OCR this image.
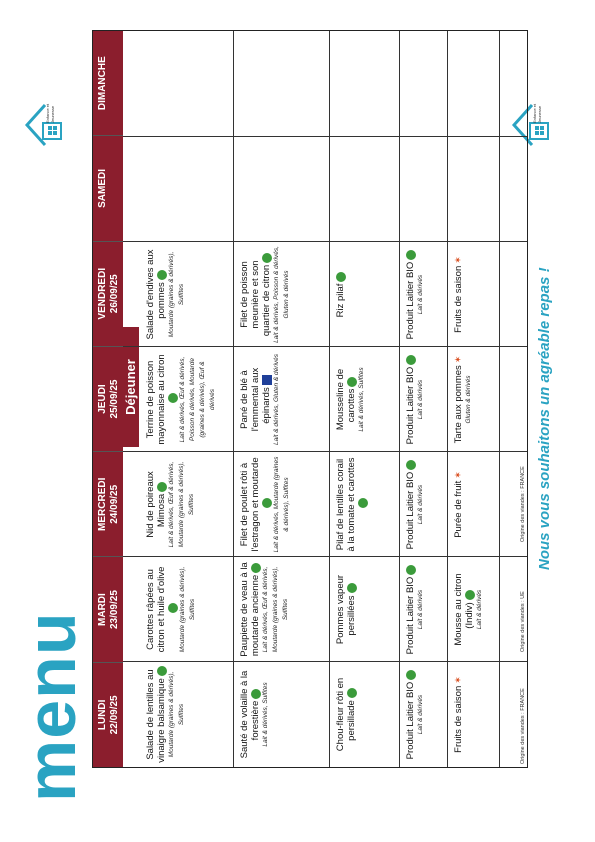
Enfance et Jeunesse	Enfance et Jeunesse
menu LUNDI 22/09/25
MARDI 23/09/25
MERCREDI 24/09/25
JEUDI 25/09/25
VENDREDI 26/09/25
SAMEDI
DIMANCHE
Déjeuner
Salade de lentilles au vinaigre balsamique Moutarde (graines & dérivés), Sulfites
Carottes râpées au citron et huile d'olive Moutarde (graines & dérivés), Sulfites
Nid de poireaux Mimosa Lait & dérivés, Œuf & dérivés, Moutarde (graines & dérivés), Sulfites
Terrine de poisson mayonnaise au citron Lait & dérivés, Œuf & dérivés, Poisson & dérivés, Moutarde (graines & dérivés), Œuf & dérivés
Salade d'endives aux pommes Moutarde (graines & dérivés), Sulfites
Sauté de volaille à la forestière Lait & dérivés, Sulfites
Paupiette de veau à la moutarde ancienne Lait & dérivés, Œuf & dérivés, Moutarde (graines & dérivés), Sulfites
Filet de poulet rôti à l'estragon et moutarde Lait & dérivés, Moutarde (graines & dérivés), Sulfites
Pané de blé à l'emmental aux épinards Lait & dérivés, Gluten & dérivés
Filet de poisson meunière et son quartier de citron Lait & dérivés, Poisson & dérivés, Gluten & dérivés
Chou-fleur rôti en persillade
Pommes vapeur persillées
Pilaf de lentilles corail à la tomate et carottes
Mousseline de carottes Lait & dérivés, Sulfites
Riz pilaf
Produit Laitier BIO Lait & dérivés
Produit Laitier BIO Lait & dérivés
Produit Laitier BIO Lait & dérivés
Produit Laitier BIO Lait & dérivés
Produit Laitier BIO Lait & dérivés
Fruits de saison✶
Mousse au citron (Indiv) Lait & dérivés
Purée de fruit✶
Tarte aux pommes✶
Gluten & dérivés
Fruits de saison✶
Origine des viandes : FRANCE
Origine des viandes : UE
Origine des viandes : FRANCE Nous vous souhaitons un agréable repas !
